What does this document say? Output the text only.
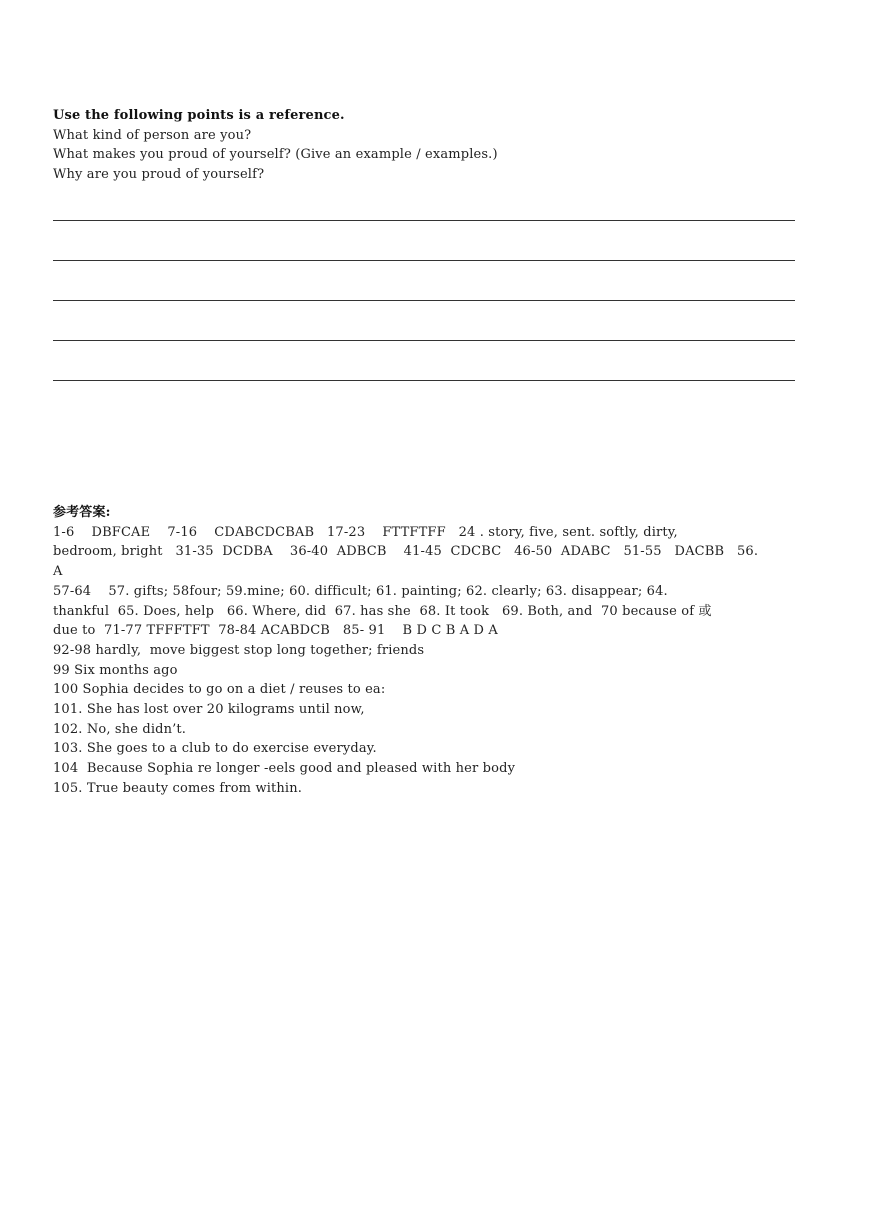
Use the following points is a reference.
What kind of person are you?
What makes you proud of yourself? (Give an example / examples.)
Why are you proud of yourself?
参考答案:
1-6    DBFCAE    7-16    CDABCDCBAB   17-23    FTTFTFF   24 . story, five, sent. softly, dirty,
bedroom, bright   31-35  DCDBA    36-40  ADBCB    41-45  CDCBC   46-50  ADABC   51-55   DACBB   56.
A
57-64    57. gifts; 58four; 59.mine; 60. difficult; 61. painting; 62. clearly; 63. disappear; 64.
thankful  65. Does, help   66. Where, did  67. has she  68. It took   69. Both, and  70 because of 或
due to  71-77 TFFFTFT  78-84 ACABDCB   85- 91    B D C B A D A
92-98 hardly,  move biggest stop long together; friends
99 Six months ago
100 Sophia decides to go on a diet / reuses to ea:
101. She has lost over 20 kilograms until now,
102. No, she didn’t.
103. She goes to a club to do exercise everyday.
104  Because Sophia re longer -eels good and pleased with her body
105. True beauty comes from within.
